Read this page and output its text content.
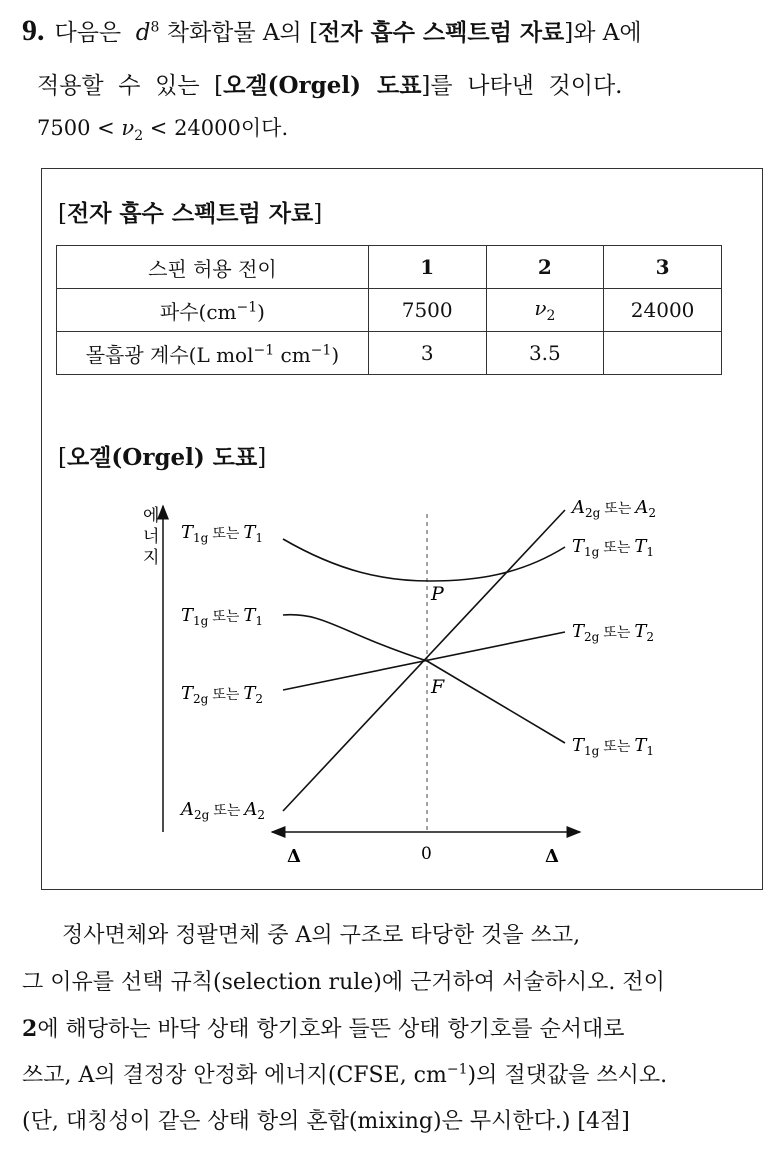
9. 다음은 $d^8$ 착화합물 A의 [전자 흡수 스펙트럼 자료]와 A에
적용할  수  있는  [오겔(Orgel)  도표]를  나타낸  것이다.
$7500 < \nu_2 < 24000$이다.
[전자 흡수 스펙트럼 자료]
스핀 허용 전이	1	2	3
파수$(cm^{-1})$	7500	$\nu_2$	24000
몰흡광 계수(L mol$^{-1}$ $cm^{-1}$)	3	3.5	
[오겔(Orgel) 도표]
에
너
지
Δ	0	Δ
P
F
$T_{1g}$ $^{또는}$ $T_1$
$T_{1g}$ $^{또는}$ $T_1$
$T_{2g}$ $^{또는}$ $T_2$
$A_{2g}$ $^{또는}$ $A_2$
$A_{2g}$ $^{또는}$ $A_2$
$T_{1g}$ $^{또는}$ $T_1$
$T_{2g}$ $^{또는}$ $T_2$
$T_{1g}$ $^{또는}$ $T_1$
정사면체와 정팔면체 중 A의 구조로 타당한 것을 쓰고,
그 이유를 선택 규칙(selection rule)에 근거하여 서술하시오. 전이
2에 해당하는 바닥 상태 항기호와 들뜬 상태 항기호를 순서대로
쓰고, A의 결정장 안정화 에너지(CFSE, $cm^{-1}$)의 절댓값을 쓰시오.
(단, 대칭성이 같은 상태 항의 혼합(mixing)은 무시한다.) [4점]
